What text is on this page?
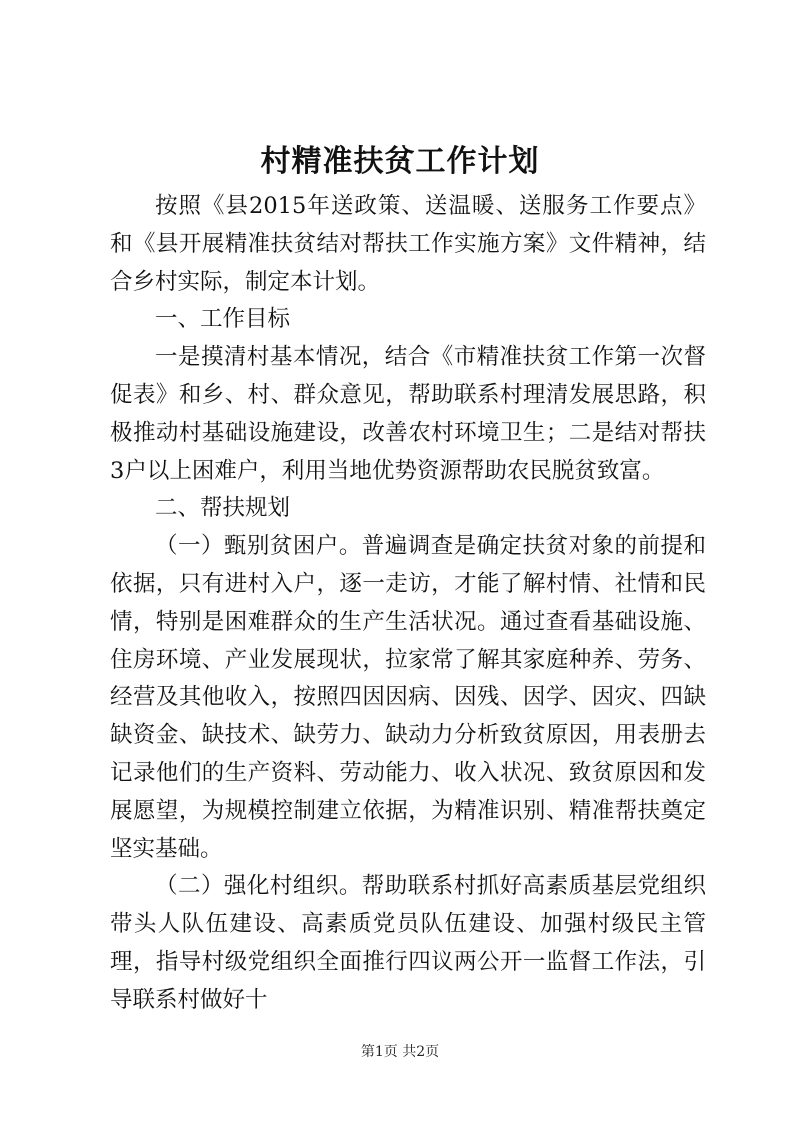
村精准扶贫工作计划

按照《县2015年送政策、送温暖、送服务工作要点》和《县开展精准扶贫结对帮扶工作实施方案》文件精神，结合乡村实际，制定本计划。

一、工作目标

一是摸清村基本情况，结合《市精准扶贫工作第一次督促表》和乡、村、群众意见，帮助联系村理清发展思路，积极推动村基础设施建设，改善农村环境卫生；二是结对帮扶3户以上困难户，利用当地优势资源帮助农民脱贫致富。

二、帮扶规划

（一）甄别贫困户。普遍调查是确定扶贫对象的前提和依据，只有进村入户，逐一走访，才能了解村情、社情和民情，特别是困难群众的生产生活状况。通过查看基础设施、住房环境、产业发展现状，拉家常了解其家庭种养、劳务、经营及其他收入，按照四因因病、因残、因学、因灾、四缺缺资金、缺技术、缺劳力、缺动力分析致贫原因，用表册去记录他们的生产资料、劳动能力、收入状况、致贫原因和发展愿望，为规模控制建立依据，为精准识别、精准帮扶奠定坚实基础。

（二）强化村组织。帮助联系村抓好高素质基层党组织带头人队伍建设、高素质党员队伍建设、加强村级民主管理，指导村级党组织全面推行四议两公开一监督工作法，引导联系村做好十

第1页 共2页
